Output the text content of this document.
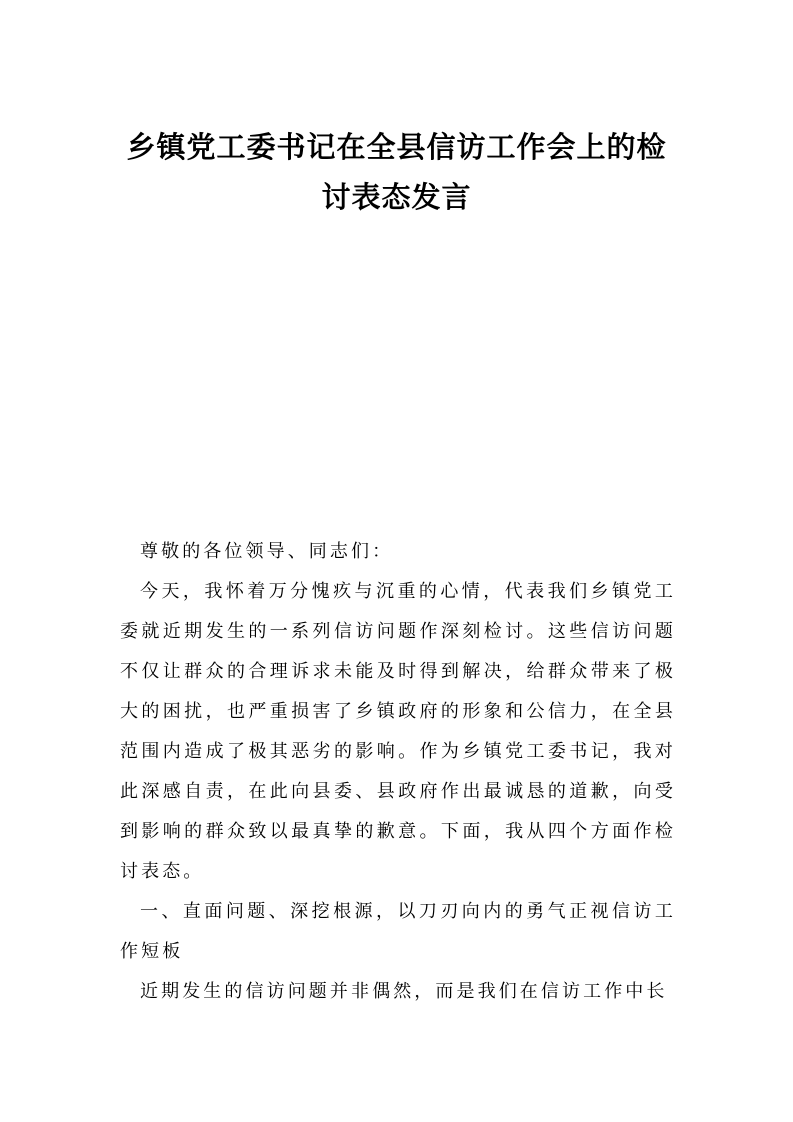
乡镇党工委书记在全县信访工作会上的检
讨表态发言

尊敬的各位领导、同志们：

今天，我怀着万分愧疚与沉重的心情，代表我们乡镇党工委就近期发生的一系列信访问题作深刻检讨。这些信访问题不仅让群众的合理诉求未能及时得到解决，给群众带来了极大的困扰，也严重损害了乡镇政府的形象和公信力，在全县范围内造成了极其恶劣的影响。作为乡镇党工委书记，我对此深感自责，在此向县委、县政府作出最诚恳的道歉，向受到影响的群众致以最真挚的歉意。下面，我从四个方面作检讨表态。

一、直面问题、深挖根源，以刀刃向内的勇气正视信访工作短板

近期发生的信访问题并非偶然，而是我们在信访工作中长
